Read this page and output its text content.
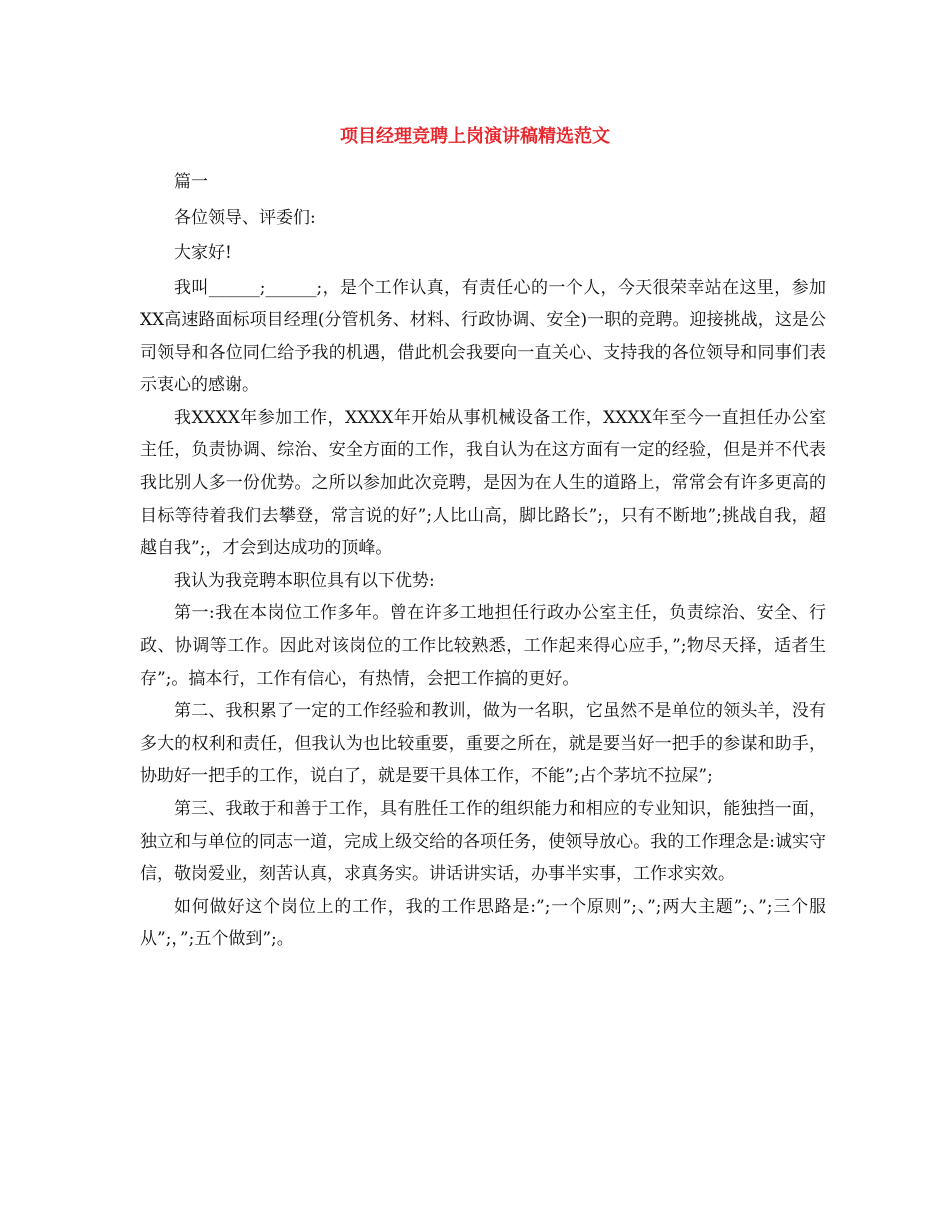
项目经理竞聘上岗演讲稿精选范文

篇一

各位领导、评委们:

大家好!

我叫______;______;，是个工作认真，有责任心的一个人，今天很荣幸站在这里，参加XX高速路面标项目经理(分管机务、材料、行政协调、安全)一职的竞聘。迎接挑战，这是公司领导和各位同仁给予我的机遇，借此机会我要向一直关心、支持我的各位领导和同事们表示衷心的感谢。

我XXXX年参加工作，XXXX年开始从事机械设备工作，XXXX年至今一直担任办公室主任，负责协调、综治、安全方面的工作，我自认为在这方面有一定的经验，但是并不代表我比别人多一份优势。之所以参加此次竞聘，是因为在人生的道路上，常常会有许多更高的目标等待着我们去攀登，常言说的好”;人比山高，脚比路长”;，只有不断地”;挑战自我，超越自我”;，才会到达成功的顶峰。

我认为我竞聘本职位具有以下优势:

第一:我在本岗位工作多年。曾在许多工地担任行政办公室主任，负责综治、安全、行政、协调等工作。因此对该岗位的工作比较熟悉，工作起来得心应手，”;物尽天择，适者生存”;。搞本行，工作有信心，有热情，会把工作搞的更好。

第二、我积累了一定的工作经验和教训，做为一名职，它虽然不是单位的领头羊，没有多大的权利和责任，但我认为也比较重要，重要之所在，就是要当好一把手的参谋和助手，协助好一把手的工作，说白了，就是要干具体工作，不能”;占个茅坑不拉屎”;

第三、我敢于和善于工作，具有胜任工作的组织能力和相应的专业知识，能独挡一面，独立和与单位的同志一道，完成上级交给的各项任务，使领导放心。我的工作理念是:诚实守信，敬岗爱业，刻苦认真，求真务实。讲话讲实话，办事半实事，工作求实效。

如何做好这个岗位上的工作，我的工作思路是:”;一个原则”;、”;两大主题”;、”;三个服从”;，”;五个做到”;。
